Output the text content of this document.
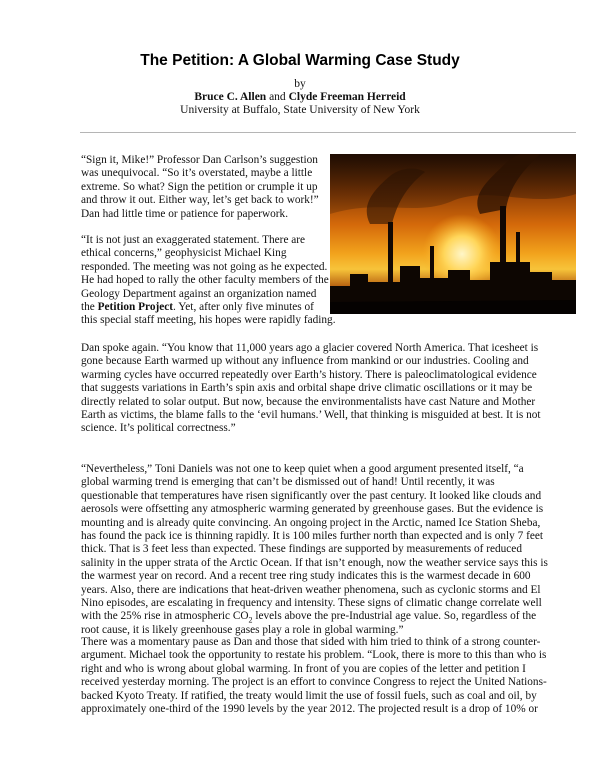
The Petition: A Global Warming Case Study
by
Bruce C. Allen and Clyde Freeman Herreid
University at Buffalo, State University of New York

“Sign it, Mike!” Professor Dan Carlson’s suggestion
was unequivocal. “So it’s overstated, maybe a little
extreme. So what? Sign the petition or crumple it up
and throw it out. Either way, let’s get back to work!”
Dan had little time or patience for paperwork.

“It is not just an exaggerated statement. There are
ethical concerns,” geophysicist Michael King
responded. The meeting was not going as he expected.
He had hoped to rally the other faculty members of the
Geology Department against an organization named
the Petition Project. Yet, after only five minutes of
this special staff meeting, his hopes were rapidly fading.

Dan spoke again. “You know that 11,000 years ago a glacier covered North America. That icesheet is
gone because Earth warmed up without any influence from mankind or our industries. Cooling and
warming cycles have occurred repeatedly over Earth’s history. There is paleoclimatological evidence
that suggests variations in Earth’s spin axis and orbital shape drive climatic oscillations or it may be
directly related to solar output. But now, because the environmentalists have cast Nature and Mother
Earth as victims, the blame falls to the ‘evil humans.’ Well, that thinking is misguided at best. It is not
science. It’s political correctness.”

“Nevertheless,” Toni Daniels was not one to keep quiet when a good argument presented itself, “a
global warming trend is emerging that can’t be dismissed out of hand! Until recently, it was
questionable that temperatures have risen significantly over the past century. It looked like clouds and
aerosols were offsetting any atmospheric warming generated by greenhouse gases. But the evidence is
mounting and is already quite convincing. An ongoing project in the Arctic, named Ice Station Sheba,
has found the pack ice is thinning rapidly. It is 100 miles further north than expected and is only 7 feet
thick. That is 3 feet less than expected. These findings are supported by measurements of reduced
salinity in the upper strata of the Arctic Ocean. If that isn’t enough, now the weather service says this is
the warmest year on record. And a recent tree ring study indicates this is the warmest decade in 600
years. Also, there are indications that heat-driven weather phenomena, such as cyclonic storms and El
Nino episodes, are escalating in frequency and intensity. These signs of climatic change correlate well
with the 25% rise in atmospheric $CO_2$ levels above the pre-Industrial age value. So, regardless of the
root cause, it is likely greenhouse gases play a role in global warming.”

There was a momentary pause as Dan and those that sided with him tried to think of a strong counter-
argument. Michael took the opportunity to restate his problem. “Look, there is more to this than who is
right and who is wrong about global warming. In front of you are copies of the letter and petition I
received yesterday morning. The project is an effort to convince Congress to reject the United Nations-
backed Kyoto Treaty. If ratified, the treaty would limit the use of fossil fuels, such as coal and oil, by
approximately one-third of the 1990 levels by the year 2012. The projected result is a drop of 10% or
